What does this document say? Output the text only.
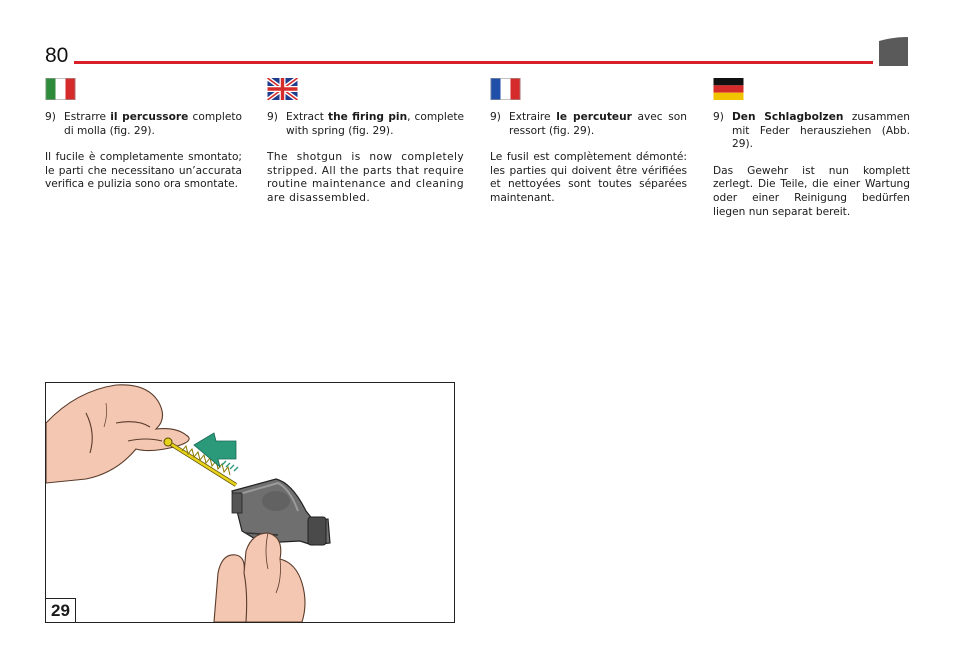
80

9) Estrarre il percussore completo di molla (fig. 29).

Il fucile è completamente smontato; le parti che necessitano un’accurata verifica e pulizia sono ora smontate.

9) Extract the firing pin, complete with spring (fig. 29).

The shotgun is now completely stripped. All the parts that require routine maintenance and cleaning are disassembled.

9) Extraire le percuteur avec son ressort (fig. 29).

Le fusil est complètement démonté: les parties qui doivent être vérifiées et nettoyées sont toutes séparées maintenant.

9) Den Schlagbolzen zusammen mit Feder herausziehen (Abb. 29).

Das Gewehr ist nun komplett zerlegt. Die Teile, die einer Wartung oder einer Reinigung bedürfen liegen nun separat bereit.

29
